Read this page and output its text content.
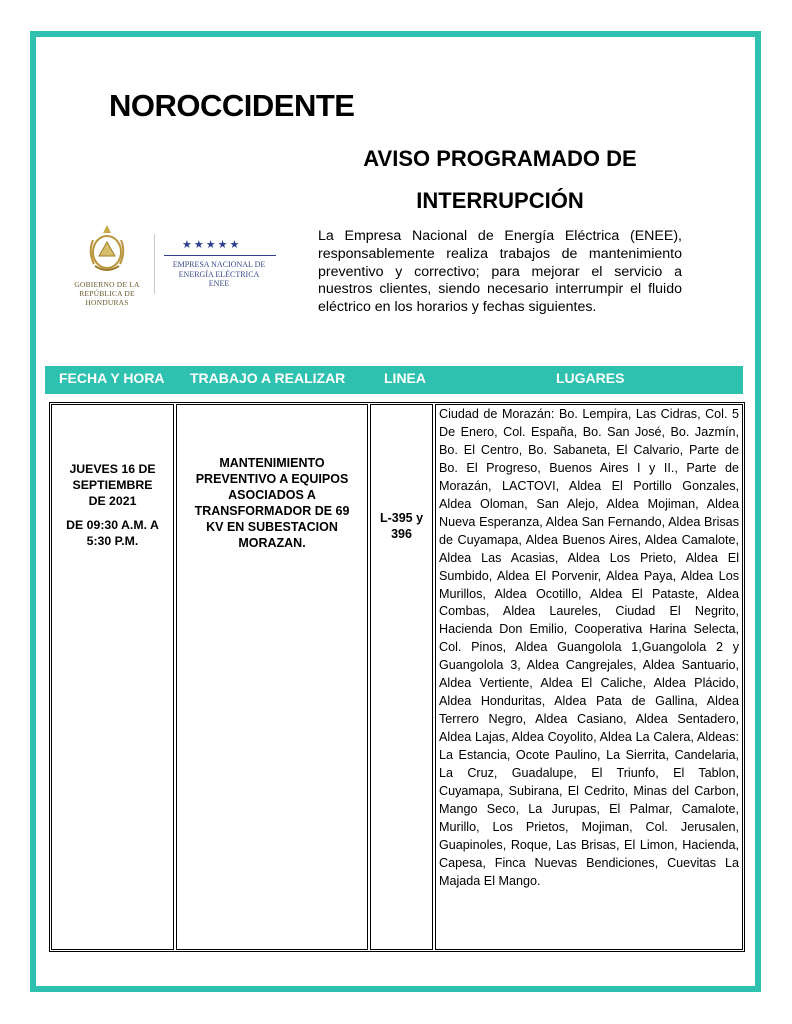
NOROCCIDENTE
AVISO PROGRAMADO DE
INTERRUPCIÓN
La Empresa Nacional de Energía Eléctrica (ENEE), responsablemente realiza trabajos de mantenimiento preventivo y correctivo; para mejorar el servicio a nuestros clientes, siendo necesario interrumpir el fluido eléctrico en los horarios y fechas siguientes.
GOBIERNO DE LA
REPÚBLICA DE HONDURAS
★★★★★
EMPRESA NACIONAL DE
ENERGÍA ELÉCTRICA
ENEE
FECHA Y HORA TRABAJO A REALIZAR	LINEA	LUGARES
JUEVES 16 DE
SEPTIEMBRE
DE 2021
DE 09:30 A.M. A
5:30 P.M.
MANTENIMIENTO
PREVENTIVO A EQUIPOS
ASOCIADOS A
TRANSFORMADOR DE 69
KV EN SUBESTACION
MORAZAN.
L-395 y
396
Ciudad de Morazán: Bo. Lempira, Las Cidras, Col. 5 De Enero, Col. España, Bo. San José, Bo. Jazmín, Bo. El Centro, Bo. Sabaneta, El Calvario, Parte de Bo. El Progreso, Buenos Aires I y II., Parte de Morazán, LACTOVI, Aldea El Portillo Gonzales, Aldea Oloman, San Alejo, Aldea Mojiman, Aldea Nueva Esperanza, Aldea San Fernando, Aldea Brisas de Cuyamapa, Aldea Buenos Aires, Aldea Camalote, Aldea Las Acasias, Aldea Los Prieto, Aldea El Sumbido, Aldea El Porvenir, Aldea Paya, Aldea Los Murillos, Aldea Ocotillo, Aldea El Pataste, Aldea Combas, Aldea Laureles, Ciudad El Negrito, Hacienda Don Emilio, Cooperativa Harina Selecta, Col. Pinos, Aldea Guangolola 1,Guangolola 2 y Guangolola 3, Aldea Cangrejales, Aldea Santuario, Aldea Vertiente, Aldea El Caliche, Aldea Plácido, Aldea Honduritas, Aldea Pata de Gallina, Aldea Terrero Negro, Aldea Casiano, Aldea Sentadero, Aldea Lajas, Aldea Coyolito, Aldea La Calera, Aldeas: La Estancia, Ocote Paulino, La Sierrita, Candelaria, La Cruz, Guadalupe, El Triunfo, El Tablon, Cuyamapa, Subirana, El Cedrito, Minas del Carbon, Mango Seco, La Jurupas, El Palmar, Camalote, Murillo, Los Prietos, Mojiman, Col. Jerusalen, Guapinoles, Roque, Las Brisas, El Limon, Hacienda, Capesa, Finca Nuevas Bendiciones, Cuevitas La Majada El Mango.
